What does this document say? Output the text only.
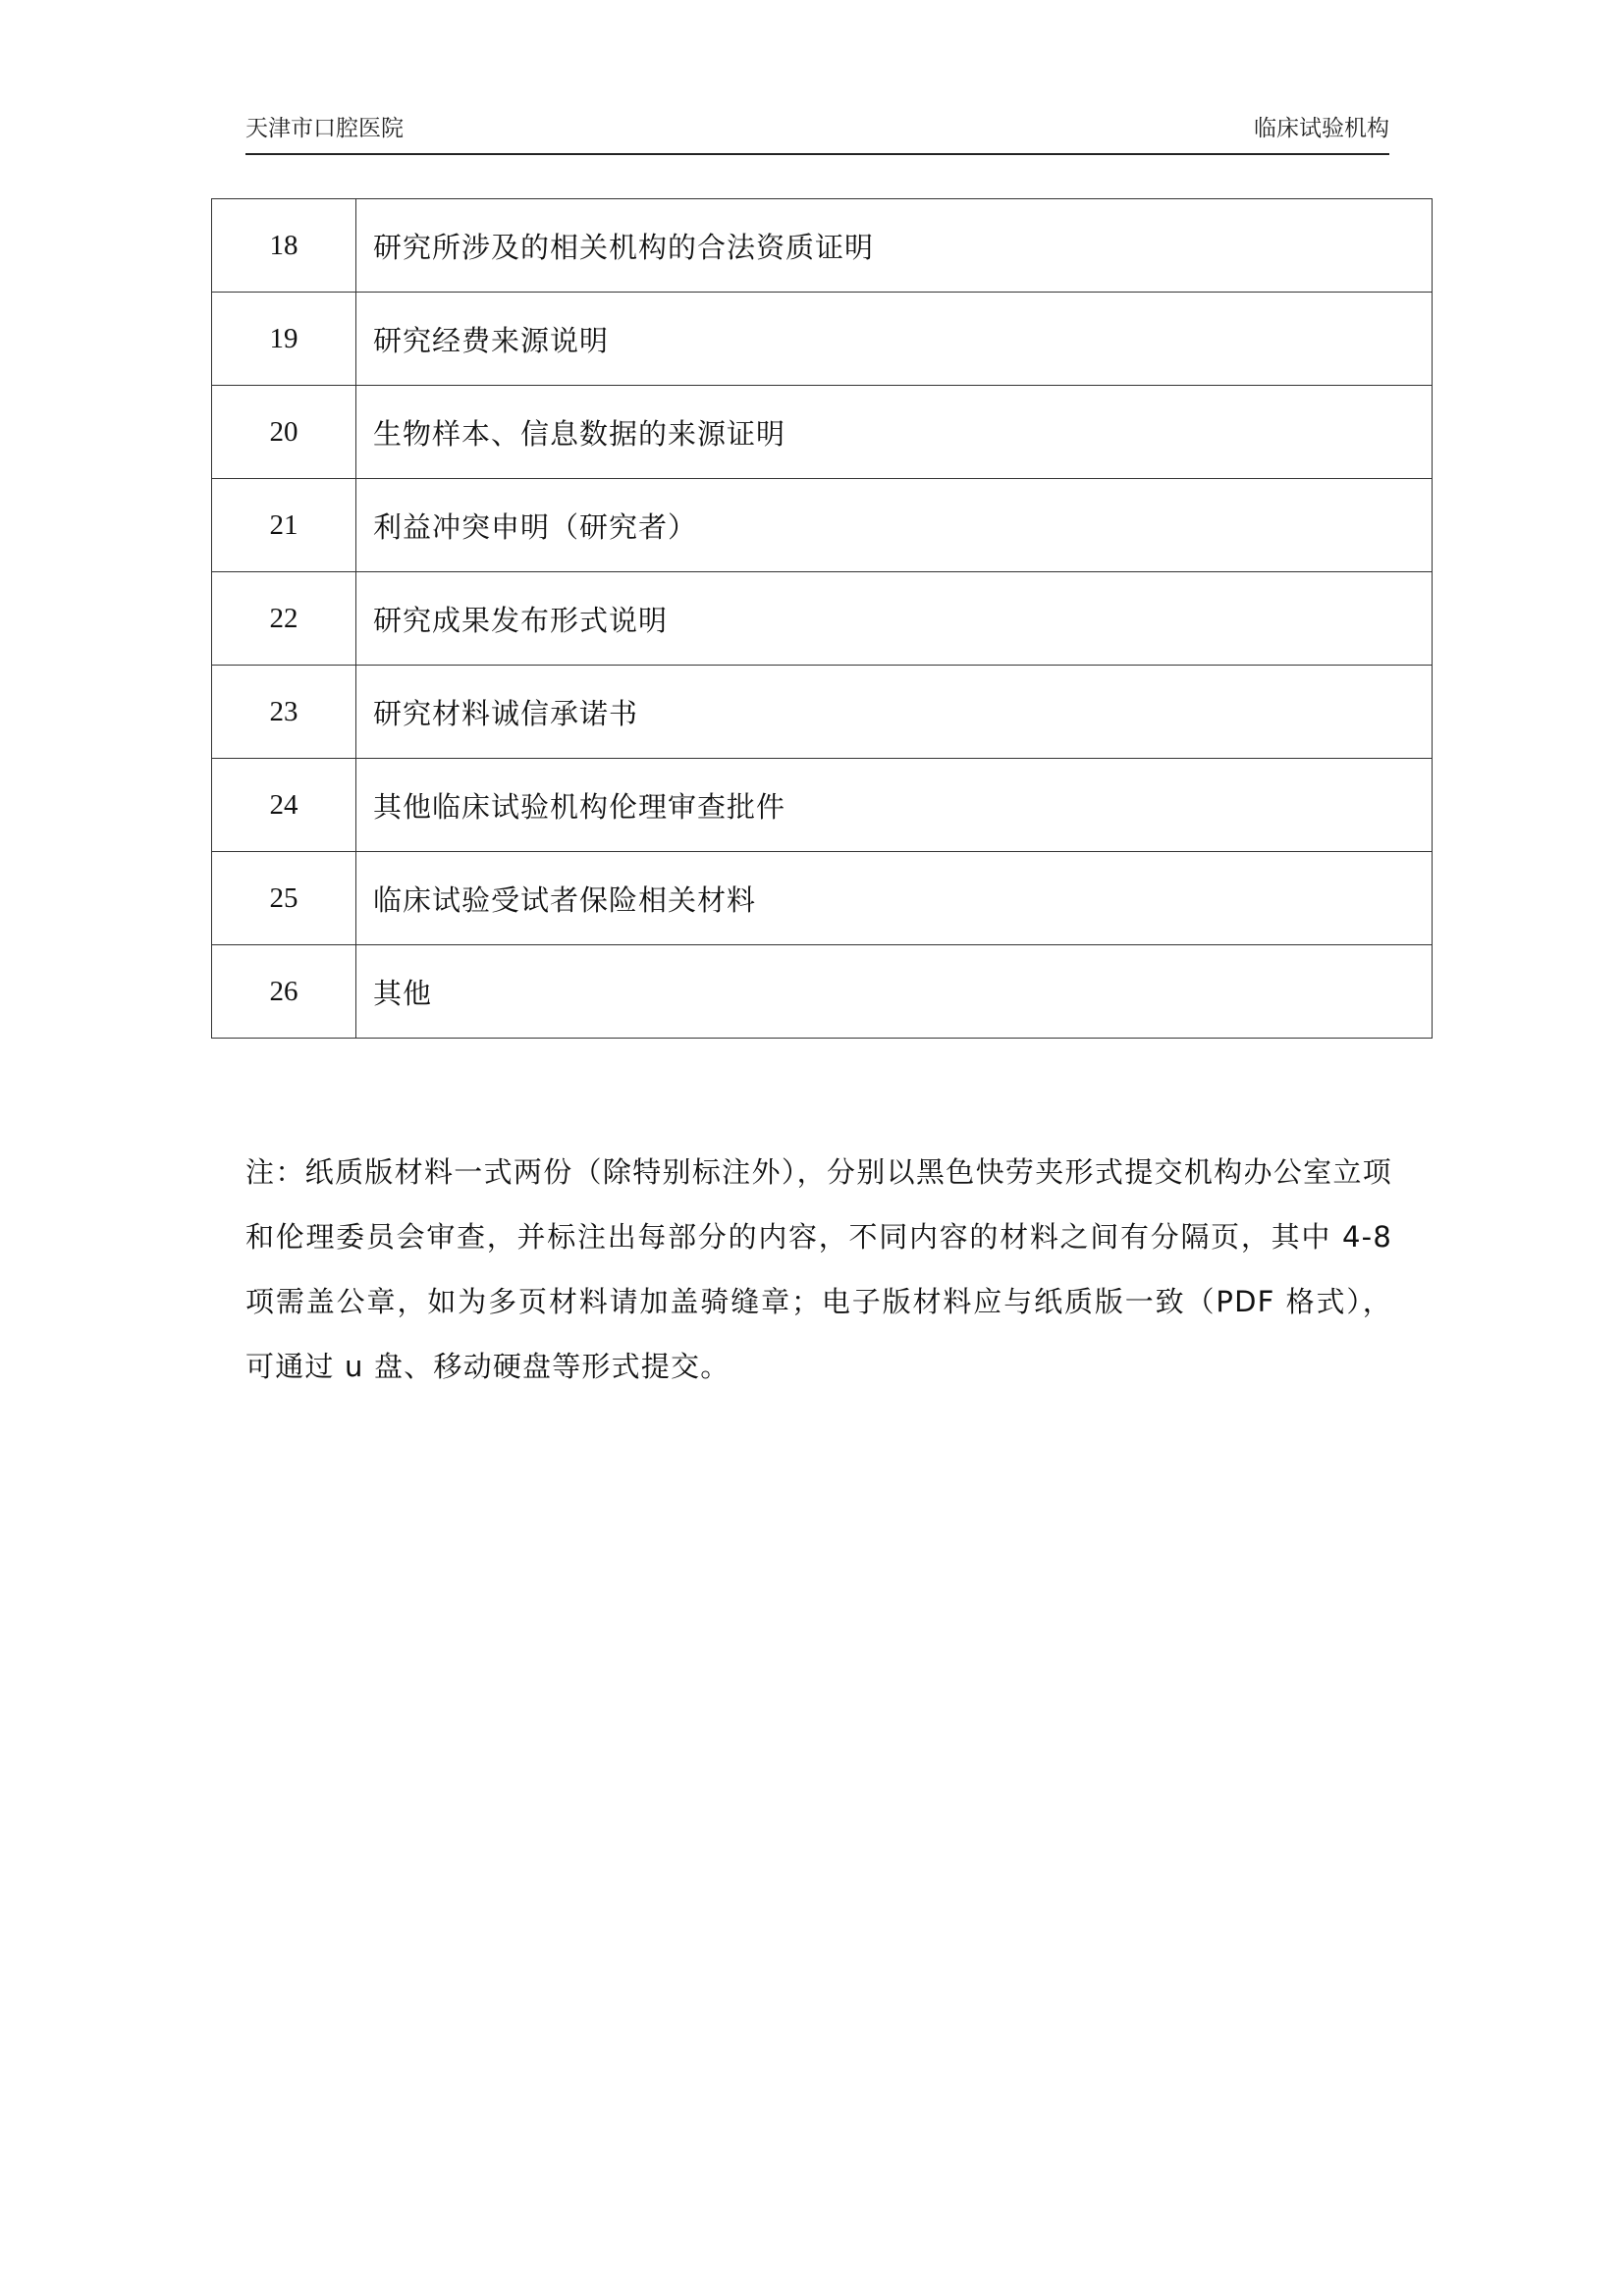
天津市口腔医院	临床试验机构
18	研究所涉及的相关机构的合法资质证明
19	研究经费来源说明
20	生物样本、信息数据的来源证明
21	利益冲突申明（研究者）
22	研究成果发布形式说明
23	研究材料诚信承诺书
24	其他临床试验机构伦理审查批件
25	临床试验受试者保险相关材料
26	其他

注：纸质版材料一式两份（除特别标注外），分别以黑色快劳夹形式提交机构办公室立项和伦理委员会审查，并标注出每部分的内容，不同内容的材料之间有分隔页，其中 4-8 项需盖公章，如为多页材料请加盖骑缝章；电子版材料应与纸质版一致（PDF 格式），可通过 u 盘、移动硬盘等形式提交。
